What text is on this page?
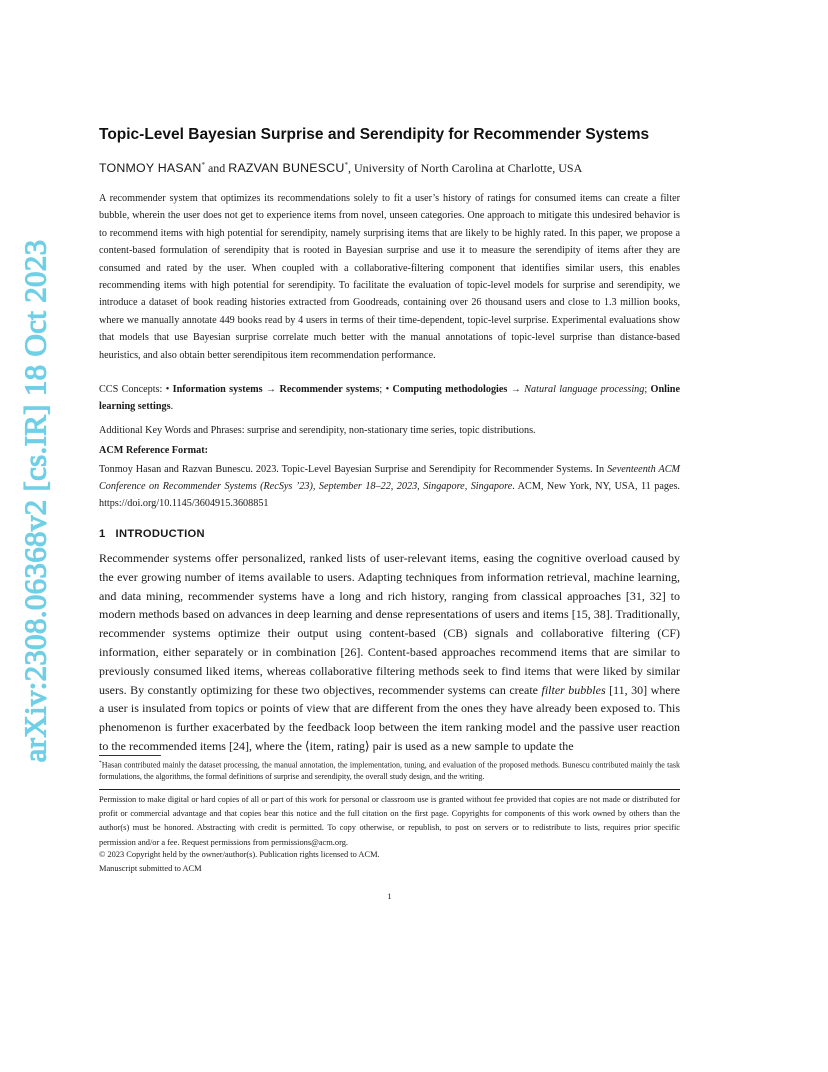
arXiv:2308.06368v2 [cs.IR] 18 Oct 2023
Topic-Level Bayesian Surprise and Serendipity for Recommender Systems
TONMOY HASAN* and RAZVAN BUNESCU*, University of North Carolina at Charlotte, USA

A recommender system that optimizes its recommendations solely to fit a user’s history of ratings for consumed items can create a filter bubble, wherein the user does not get to experience items from novel, unseen categories. One approach to mitigate this undesired behavior is to recommend items with high potential for serendipity, namely surprising items that are likely to be highly rated. In this paper, we propose a content-based formulation of serendipity that is rooted in Bayesian surprise and use it to measure the serendipity of items after they are consumed and rated by the user. When coupled with a collaborative-filtering component that identifies similar users, this enables recommending items with high potential for serendipity. To facilitate the evaluation of topic-level models for surprise and serendipity, we introduce a dataset of book reading histories extracted from Goodreads, containing over 26 thousand users and close to 1.3 million books, where we manually annotate 449 books read by 4 users in terms of their time-dependent, topic-level surprise. Experimental evaluations show that models that use Bayesian surprise correlate much better with the manual annotations of topic-level surprise than distance-based heuristics, and also obtain better serendipitous item recommendation performance.

CCS Concepts: • Information systems → Recommender systems; • Computing methodologies → Natural language processing; Online learning settings.

Additional Key Words and Phrases: surprise and serendipity, non-stationary time series, topic distributions.

ACM Reference Format:

Tonmoy Hasan and Razvan Bunescu. 2023. Topic-Level Bayesian Surprise and Serendipity for Recommender Systems. In Seventeenth ACM Conference on Recommender Systems (RecSys ’23), September 18–22, 2023, Singapore, Singapore. ACM, New York, NY, USA, 11 pages. https://doi.org/10.1145/3604915.3608851

1 INTRODUCTION

Recommender systems offer personalized, ranked lists of user-relevant items, easing the cognitive overload caused by the ever growing number of items available to users. Adapting techniques from information retrieval, machine learning, and data mining, recommender systems have a long and rich history, ranging from classical approaches [31, 32] to modern methods based on advances in deep learning and dense representations of users and items [15, 38]. Traditionally, recommender systems optimize their output using content-based (CB) signals and collaborative filtering (CF) information, either separately or in combination [26]. Content-based approaches recommend items that are similar to previously consumed liked items, whereas collaborative filtering methods seek to find items that were liked by similar users. By constantly optimizing for these two objectives, recommender systems can create filter bubbles [11, 30] where a user is insulated from topics or points of view that are different from the ones they have already been exposed to. This phenomenon is further exacerbated by the feedback loop between the item ranking model and the passive user reaction to the recommended items [24], where the ⟨item, rating⟩ pair is used as a new sample to update the

*Hasan contributed mainly the dataset processing, the manual annotation, the implementation, tuning, and evaluation of the proposed methods. Bunescu contributed mainly the task formulations, the algorithms, the formal definitions of surprise and serendipity, the overall study design, and the writing.

Permission to make digital or hard copies of all or part of this work for personal or classroom use is granted without fee provided that copies are not made or distributed for profit or commercial advantage and that copies bear this notice and the full citation on the first page. Copyrights for components of this work owned by others than the author(s) must be honored. Abstracting with credit is permitted. To copy otherwise, or republish, to post on servers or to redistribute to lists, requires prior specific permission and/or a fee. Request permissions from permissions@acm.org.

© 2023 Copyright held by the owner/author(s). Publication rights licensed to ACM.

Manuscript submitted to ACM

1
